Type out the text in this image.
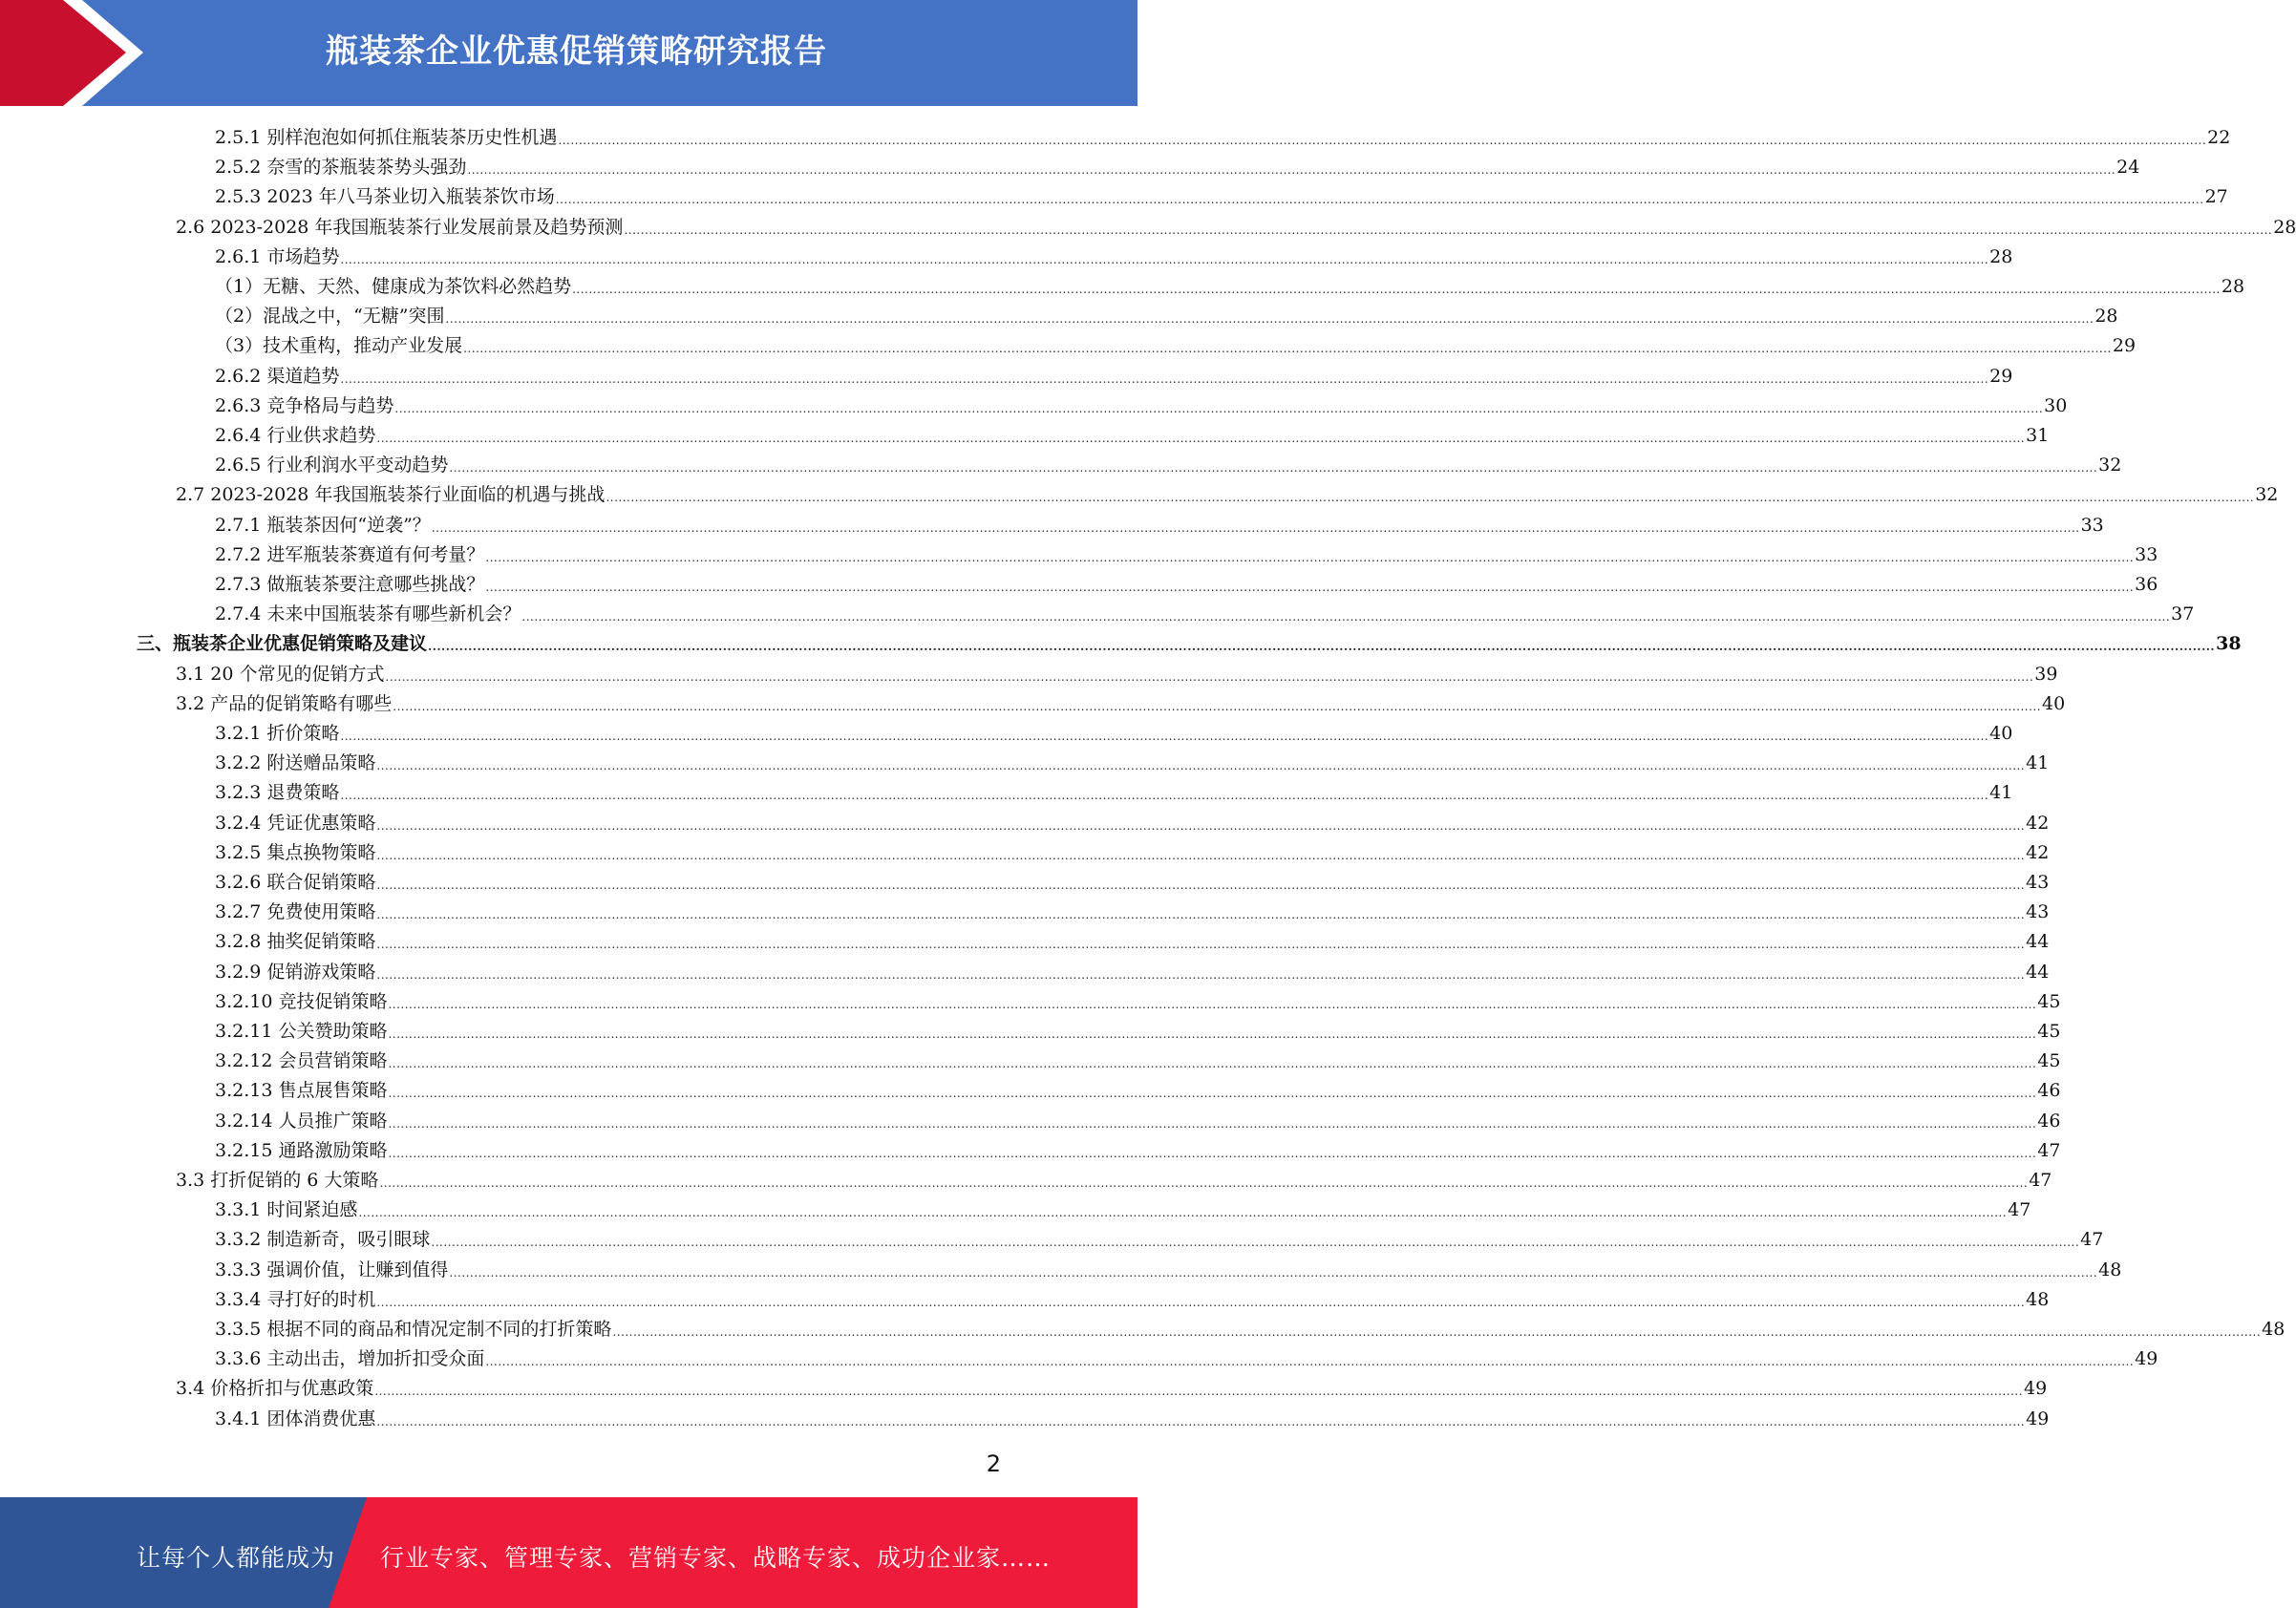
瓶装茶企业优惠促销策略研究报告
2.5.1 别样泡泡如何抓住瓶装茶历史性机遇 ................................................................................................................................................................................................................................................................................................................................................................................................................ 22
2.5.2 奈雪的茶瓶装茶势头强劲 ................................................................................................................................................................................................................................................................................................................................................................................................................ 24
2.5.3 2023 年八马茶业切入瓶装茶饮市场 ................................................................................................................................................................................................................................................................................................................................................................................................................ 27
2.6 2023-2028 年我国瓶装茶行业发展前景及趋势预测 ................................................................................................................................................................................................................................................................................................................................................................................................................ 28
2.6.1 市场趋势 ................................................................................................................................................................................................................................................................................................................................................................................................................ 28
（1）无糖、天然、健康成为茶饮料必然趋势 ................................................................................................................................................................................................................................................................................................................................................................................................................ 28
（2）混战之中，“无糖”突围 ................................................................................................................................................................................................................................................................................................................................................................................................................ 28
（3）技术重构，推动产业发展 ................................................................................................................................................................................................................................................................................................................................................................................................................ 29
2.6.2 渠道趋势 ................................................................................................................................................................................................................................................................................................................................................................................................................ 29
2.6.3 竞争格局与趋势 ................................................................................................................................................................................................................................................................................................................................................................................................................ 30
2.6.4 行业供求趋势 ................................................................................................................................................................................................................................................................................................................................................................................................................ 31
2.6.5 行业利润水平变动趋势 ................................................................................................................................................................................................................................................................................................................................................................................................................ 32
2.7 2023-2028 年我国瓶装茶行业面临的机遇与挑战 ................................................................................................................................................................................................................................................................................................................................................................................................................ 32
2.7.1 瓶装茶因何“逆袭”？ ................................................................................................................................................................................................................................................................................................................................................................................................................ 33
2.7.2 进军瓶装茶赛道有何考量？ ................................................................................................................................................................................................................................................................................................................................................................................................................ 33
2.7.3 做瓶装茶要注意哪些挑战？ ................................................................................................................................................................................................................................................................................................................................................................................................................ 36
2.7.4 未来中国瓶装茶有哪些新机会？ ................................................................................................................................................................................................................................................................................................................................................................................................................ 37
三、瓶装茶企业优惠促销策略及建议 ................................................................................................................................................................................................................................................................................................................................................................................................................ 38
3.1 20 个常见的促销方式 ................................................................................................................................................................................................................................................................................................................................................................................................................ 39
3.2 产品的促销策略有哪些 ................................................................................................................................................................................................................................................................................................................................................................................................................ 40
3.2.1 折价策略 ................................................................................................................................................................................................................................................................................................................................................................................................................ 40
3.2.2 附送赠品策略 ................................................................................................................................................................................................................................................................................................................................................................................................................ 41
3.2.3 退费策略 ................................................................................................................................................................................................................................................................................................................................................................................................................ 41
3.2.4 凭证优惠策略 ................................................................................................................................................................................................................................................................................................................................................................................................................ 42
3.2.5 集点换物策略 ................................................................................................................................................................................................................................................................................................................................................................................................................ 42
3.2.6 联合促销策略 ................................................................................................................................................................................................................................................................................................................................................................................................................ 43
3.2.7 免费使用策略 ................................................................................................................................................................................................................................................................................................................................................................................................................ 43
3.2.8 抽奖促销策略 ................................................................................................................................................................................................................................................................................................................................................................................................................ 44
3.2.9 促销游戏策略 ................................................................................................................................................................................................................................................................................................................................................................................................................ 44
3.2.10 竞技促销策略 ................................................................................................................................................................................................................................................................................................................................................................................................................ 45
3.2.11 公关赞助策略 ................................................................................................................................................................................................................................................................................................................................................................................................................ 45
3.2.12 会员营销策略 ................................................................................................................................................................................................................................................................................................................................................................................................................ 45
3.2.13 售点展售策略 ................................................................................................................................................................................................................................................................................................................................................................................................................ 46
3.2.14 人员推广策略 ................................................................................................................................................................................................................................................................................................................................................................................................................ 46
3.2.15 通路激励策略 ................................................................................................................................................................................................................................................................................................................................................................................................................ 47
3.3 打折促销的 6 大策略 ................................................................................................................................................................................................................................................................................................................................................................................................................ 47
3.3.1 时间紧迫感 ................................................................................................................................................................................................................................................................................................................................................................................................................ 47
3.3.2 制造新奇，吸引眼球 ................................................................................................................................................................................................................................................................................................................................................................................................................ 47
3.3.3 强调价值，让赚到值得 ................................................................................................................................................................................................................................................................................................................................................................................................................ 48
3.3.4 寻打好的时机 ................................................................................................................................................................................................................................................................................................................................................................................................................ 48
3.3.5 根据不同的商品和情况定制不同的打折策略 ................................................................................................................................................................................................................................................................................................................................................................................................................ 48
3.3.6 主动出击，增加折扣受众面 ................................................................................................................................................................................................................................................................................................................................................................................................................ 49
3.4 价格折扣与优惠政策 ................................................................................................................................................................................................................................................................................................................................................................................................................ 49
3.4.1 团体消费优惠 ................................................................................................................................................................................................................................................................................................................................................................................................................ 49
2
让每个人都能成为 行业专家、管理专家、营销专家、战略专家、成功企业家……
